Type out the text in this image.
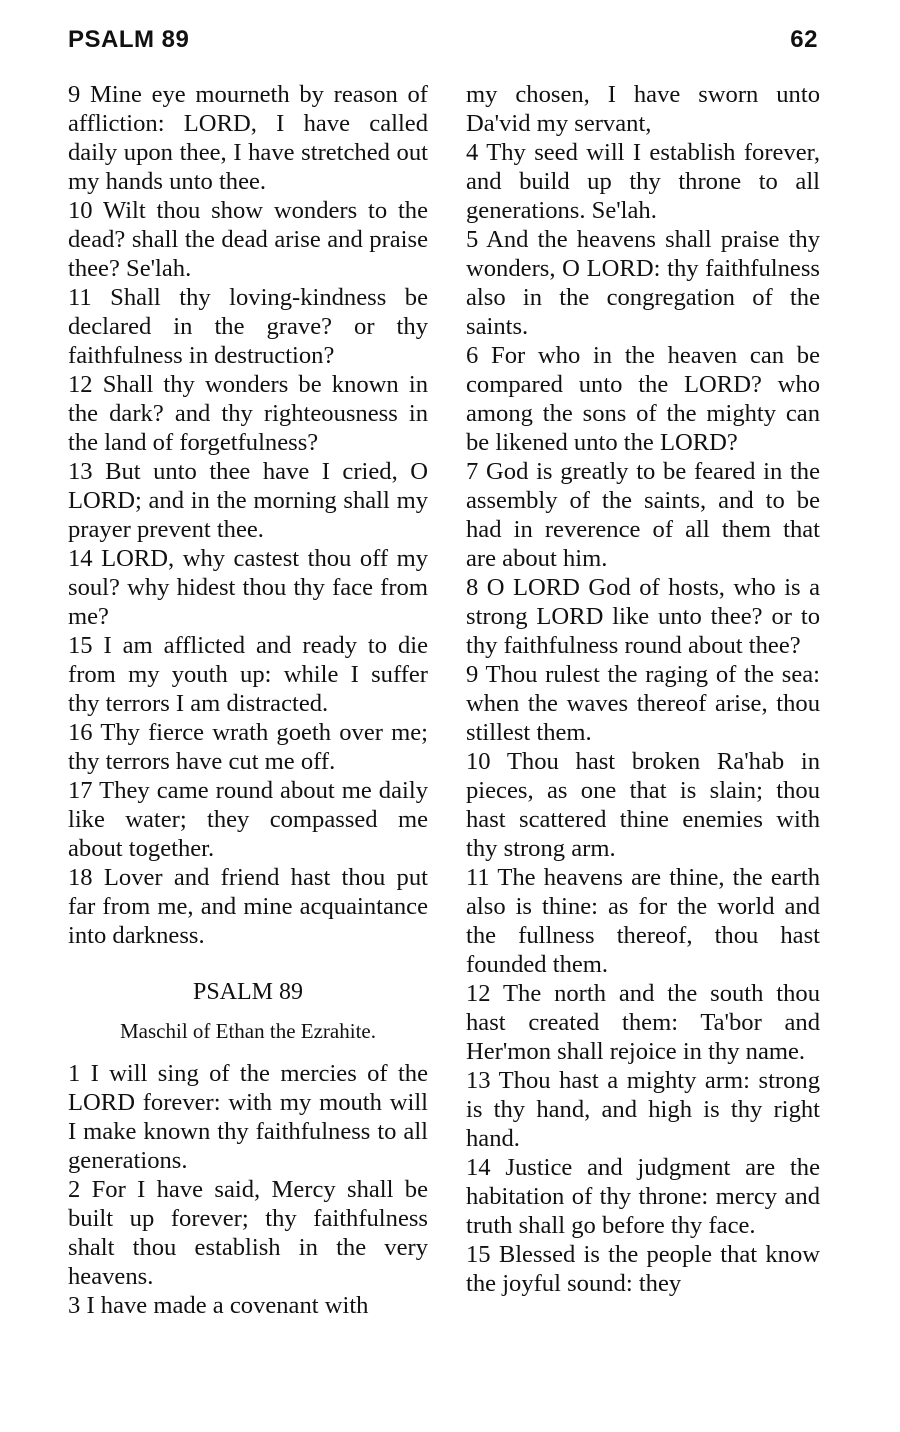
PSALM 89	62

9 Mine eye mourneth by reason of affliction: LORD, I have called daily upon thee, I have stretched out my hands unto thee.

10 Wilt thou show wonders to the dead? shall the dead arise and praise thee? Se'lah.

11 Shall thy loving-kindness be declared in the grave? or thy faithfulness in destruction?

12 Shall thy wonders be known in the dark? and thy righteousness in the land of forgetfulness?

13 But unto thee have I cried, O LORD; and in the morning shall my prayer prevent thee.

14 LORD, why castest thou off my soul? why hidest thou thy face from me?

15 I am afflicted and ready to die from my youth up: while I suffer thy terrors I am distracted.

16 Thy fierce wrath goeth over me; thy terrors have cut me off.

17 They came round about me daily like water; they compassed me about together.

18 Lover and friend hast thou put far from me, and mine acquaintance into darkness.

PSALM 89
Maschil of Ethan the Ezrahite.

1 I will sing of the mercies of the LORD forever: with my mouth will I make known thy faithfulness to all generations.

2 For I have said, Mercy shall be built up forever; thy faithfulness shalt thou establish in the very heavens.

3 I have made a covenant with

my chosen, I have sworn unto Da'vid my servant,

4 Thy seed will I establish forever, and build up thy throne to all generations. Se'lah.

5 And the heavens shall praise thy wonders, O LORD: thy faithfulness also in the congregation of the saints.

6 For who in the heaven can be compared unto the LORD? who among the sons of the mighty can be likened unto the LORD?

7 God is greatly to be feared in the assembly of the saints, and to be had in reverence of all them that are about him.

8 O LORD God of hosts, who is a strong LORD like unto thee? or to thy faithfulness round about thee?

9 Thou rulest the raging of the sea: when the waves thereof arise, thou stillest them.

10 Thou hast broken Ra'hab in pieces, as one that is slain; thou hast scattered thine enemies with thy strong arm.

11 The heavens are thine, the earth also is thine: as for the world and the fullness thereof, thou hast founded them.

12 The north and the south thou hast created them: Ta'bor and Her'mon shall rejoice in thy name.

13 Thou hast a mighty arm: strong is thy hand, and high is thy right hand.

14 Justice and judgment are the habitation of thy throne: mercy and truth shall go before thy face.

15 Blessed is the people that know the joyful sound: they
